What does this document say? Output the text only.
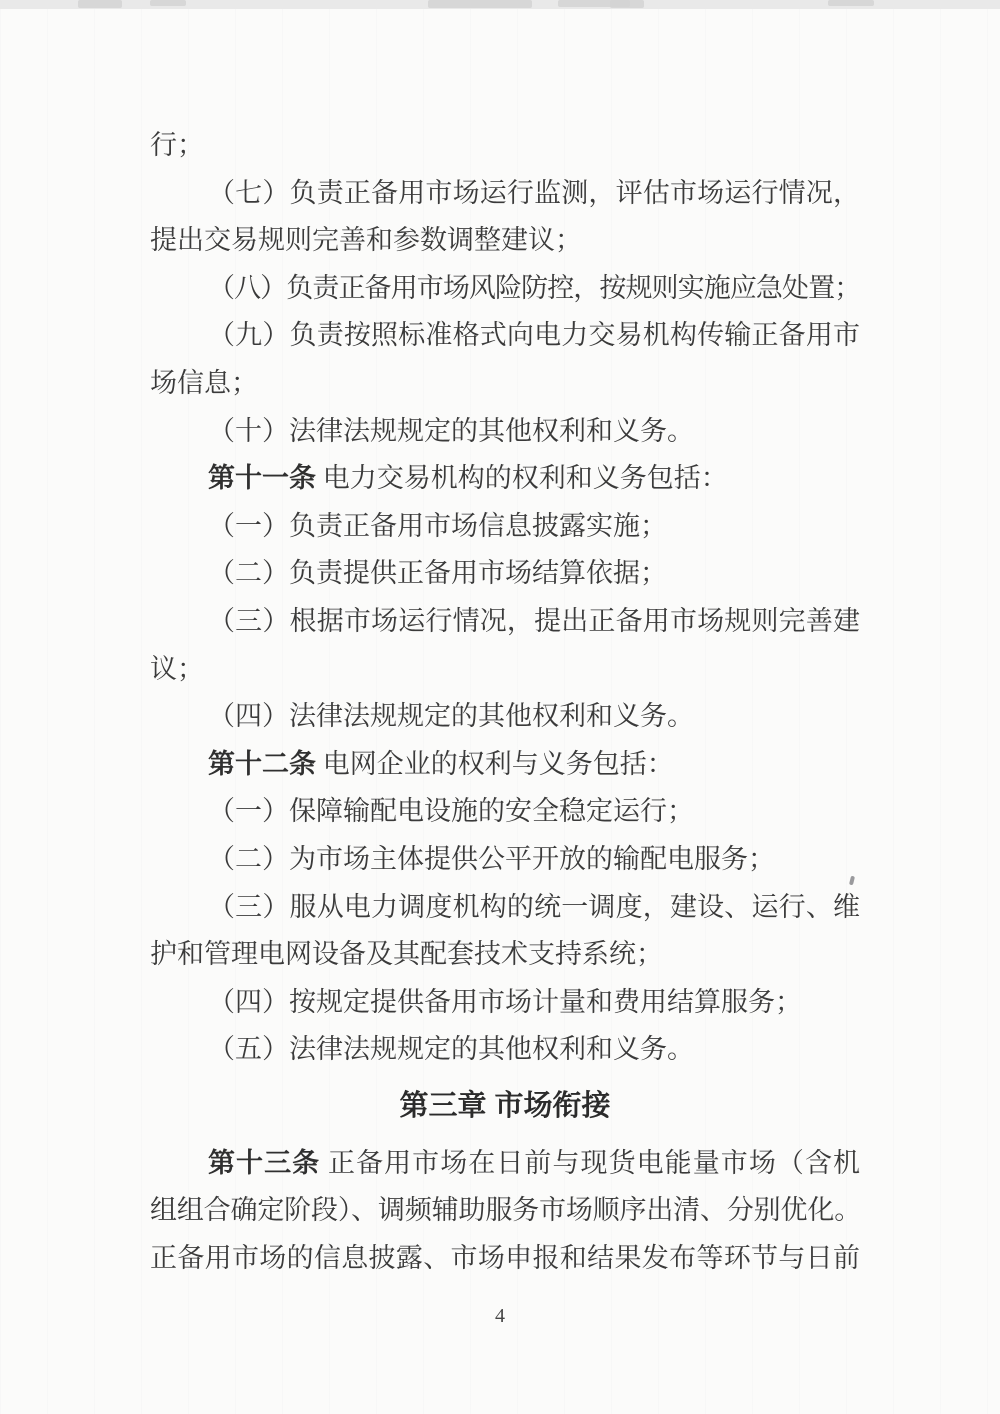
行；
（七）负责正备用市场运行监测，评估市场运行情况，
提出交易规则完善和参数调整建议；
（八）负责正备用市场风险防控，按规则实施应急处置；
（九）负责按照标准格式向电力交易机构传输正备用市
场信息；
（十）法律法规规定的其他权利和义务。
第十一条 电力交易机构的权利和义务包括：
（一）负责正备用市场信息披露实施；
（二）负责提供正备用市场结算依据；
（三）根据市场运行情况，提出正备用市场规则完善建
议；
（四）法律法规规定的其他权利和义务。
第十二条 电网企业的权利与义务包括：
（一）保障输配电设施的安全稳定运行；
（二）为市场主体提供公平开放的输配电服务；
（三）服从电力调度机构的统一调度，建设、运行、维
护和管理电网设备及其配套技术支持系统；
（四）按规定提供备用市场计量和费用结算服务；
（五）法律法规规定的其他权利和义务。
第三章 市场衔接
第十三条 正备用市场在日前与现货电能量市场（含机
组组合确定阶段）、调频辅助服务市场顺序出清、分别优化。
正备用市场的信息披露、市场申报和结果发布等环节与日前
4
